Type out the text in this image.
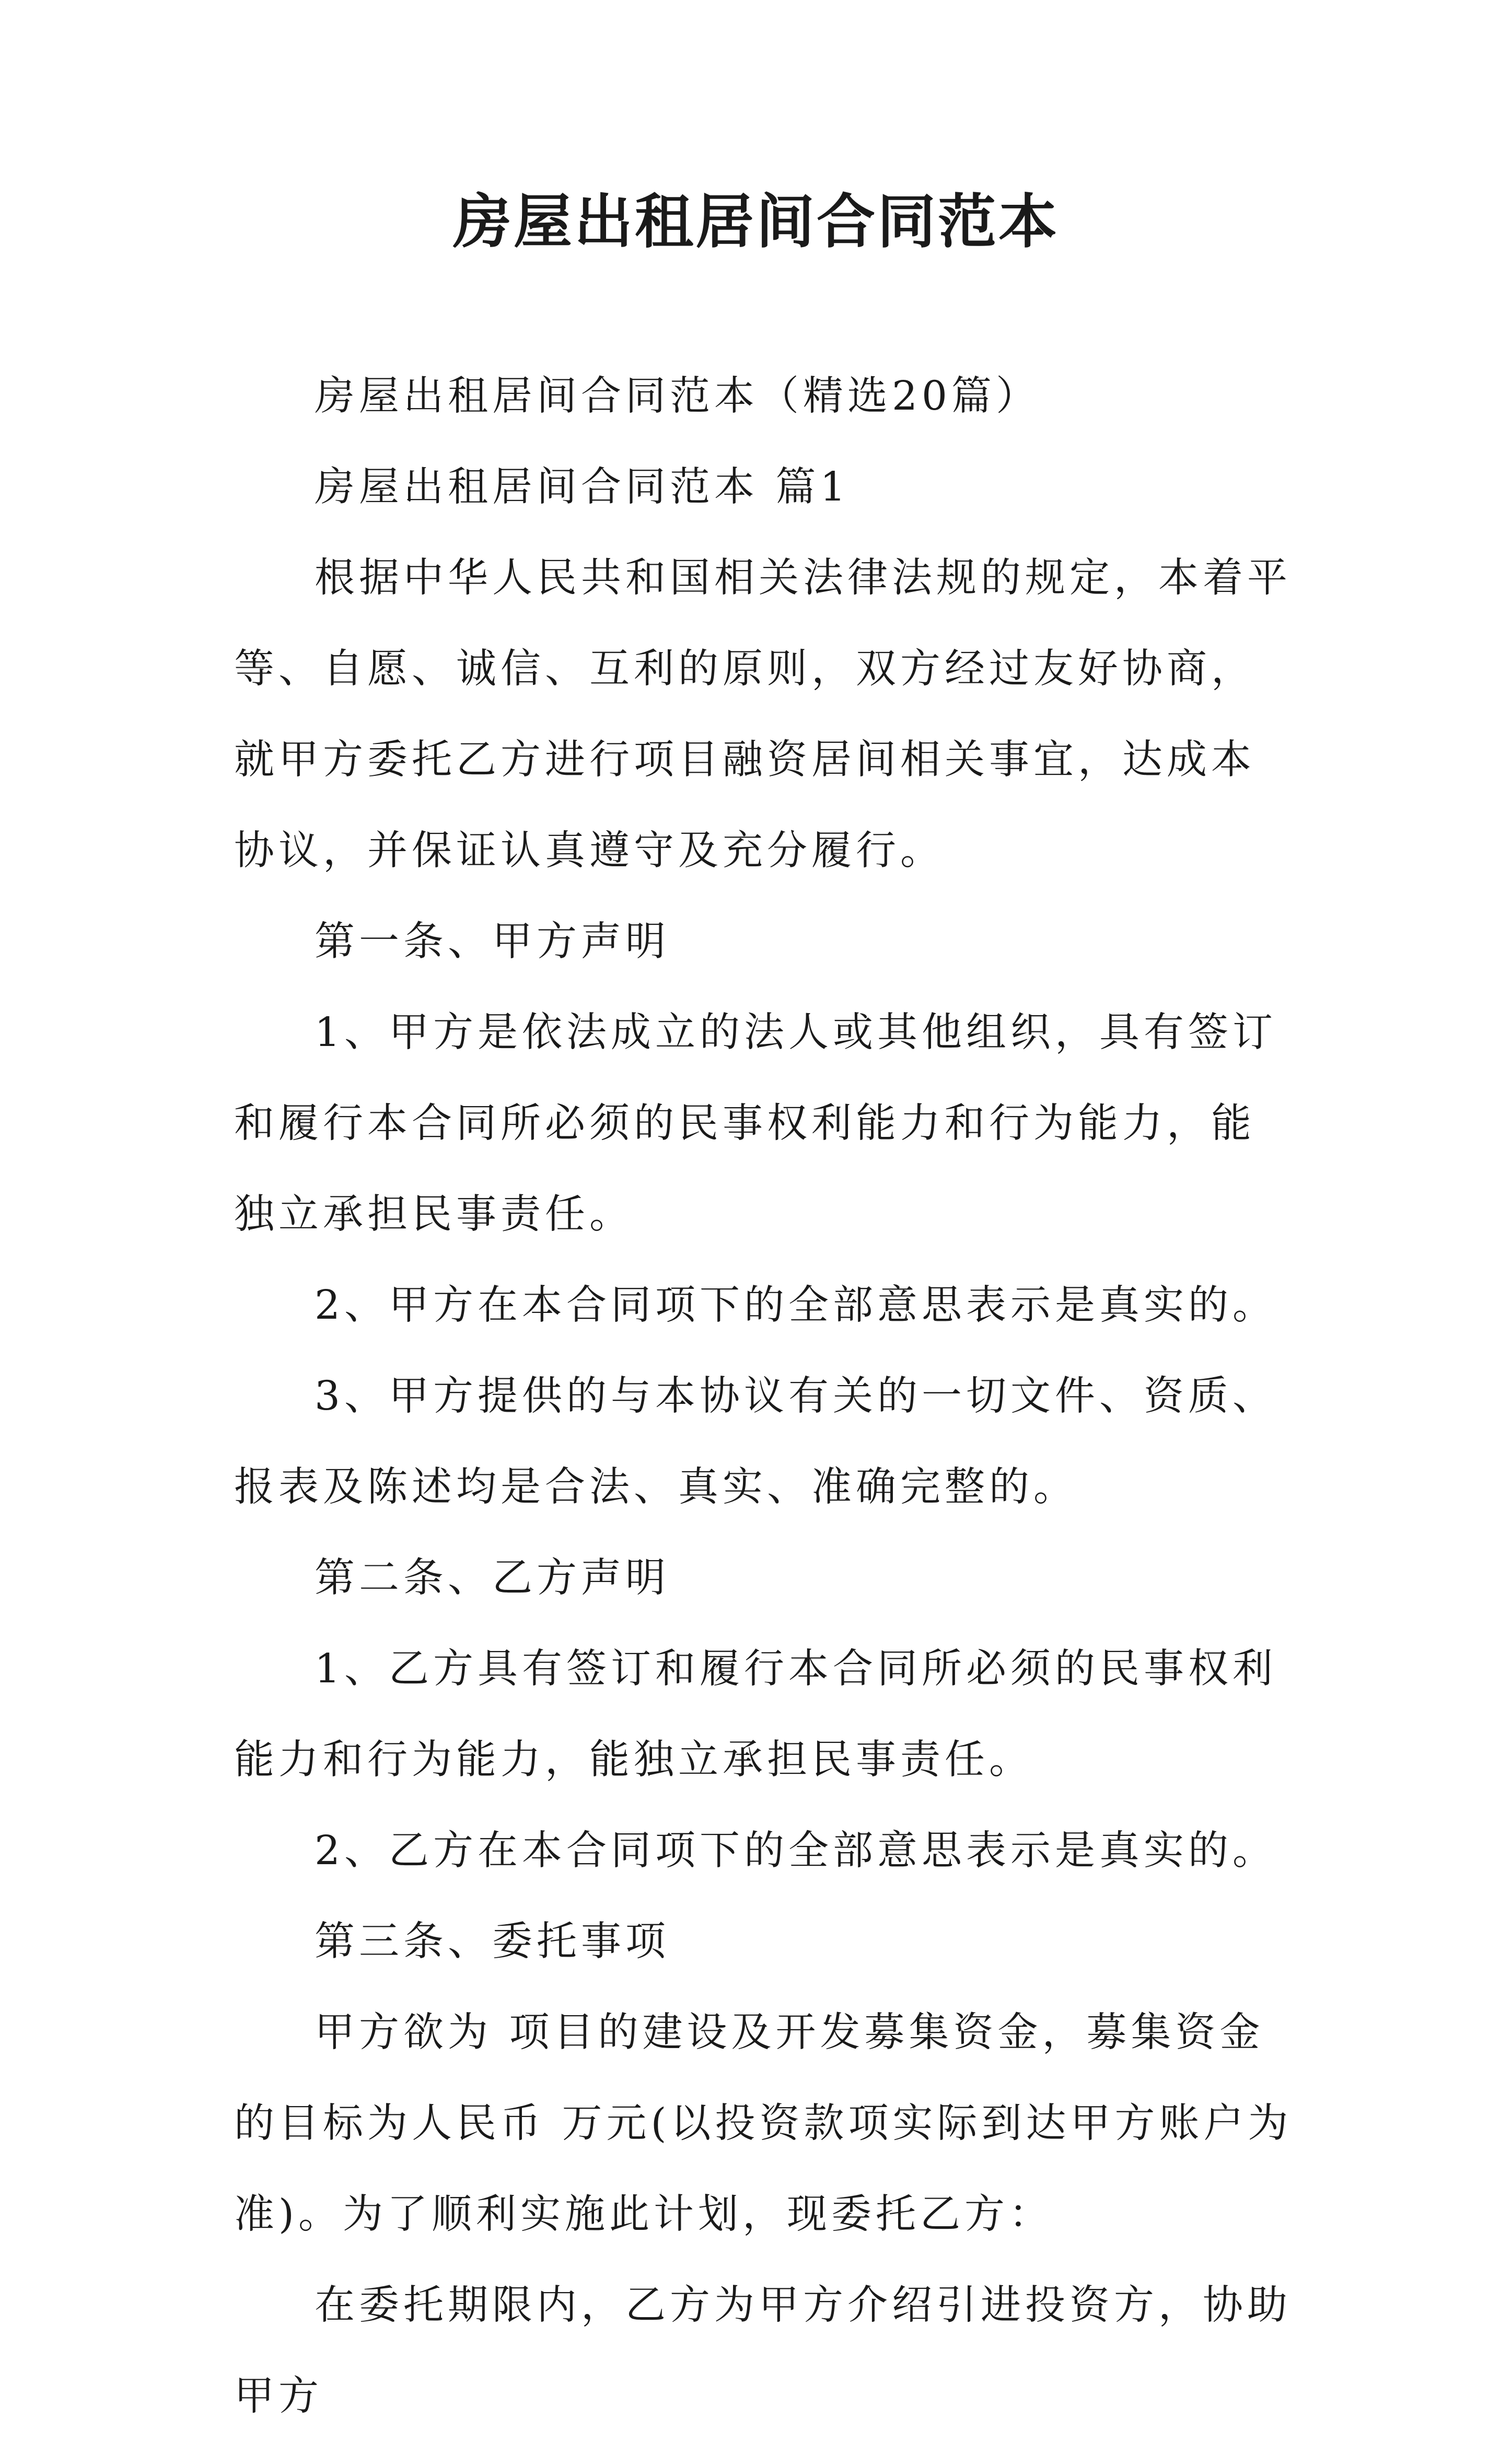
房屋出租居间合同范本

房屋出租居间合同范本（精选20篇）

房屋出租居间合同范本 篇1

根据中华人民共和国相关法律法规的规定，本着平等、自愿、诚信、互利的原则，双方经过友好协商，就甲方委托乙方进行项目融资居间相关事宜，达成本协议，并保证认真遵守及充分履行。

第一条、甲方声明

1、甲方是依法成立的法人或其他组织，具有签订和履行本合同所必须的民事权利能力和行为能力，能独立承担民事责任。

2、甲方在本合同项下的全部意思表示是真实的。

3、甲方提供的与本协议有关的一切文件、资质、报表及陈述均是合法、真实、准确完整的。

第二条、乙方声明

1、乙方具有签订和履行本合同所必须的民事权利能力和行为能力，能独立承担民事责任。

2、乙方在本合同项下的全部意思表示是真实的。

第三条、委托事项

甲方欲为 项目的建设及开发募集资金，募集资金的目标为人民币 万元(以投资款项实际到达甲方账户为准)。为了顺利实施此计划，现委托乙方：

在委托期限内，乙方为甲方介绍引进投资方，协助甲方
